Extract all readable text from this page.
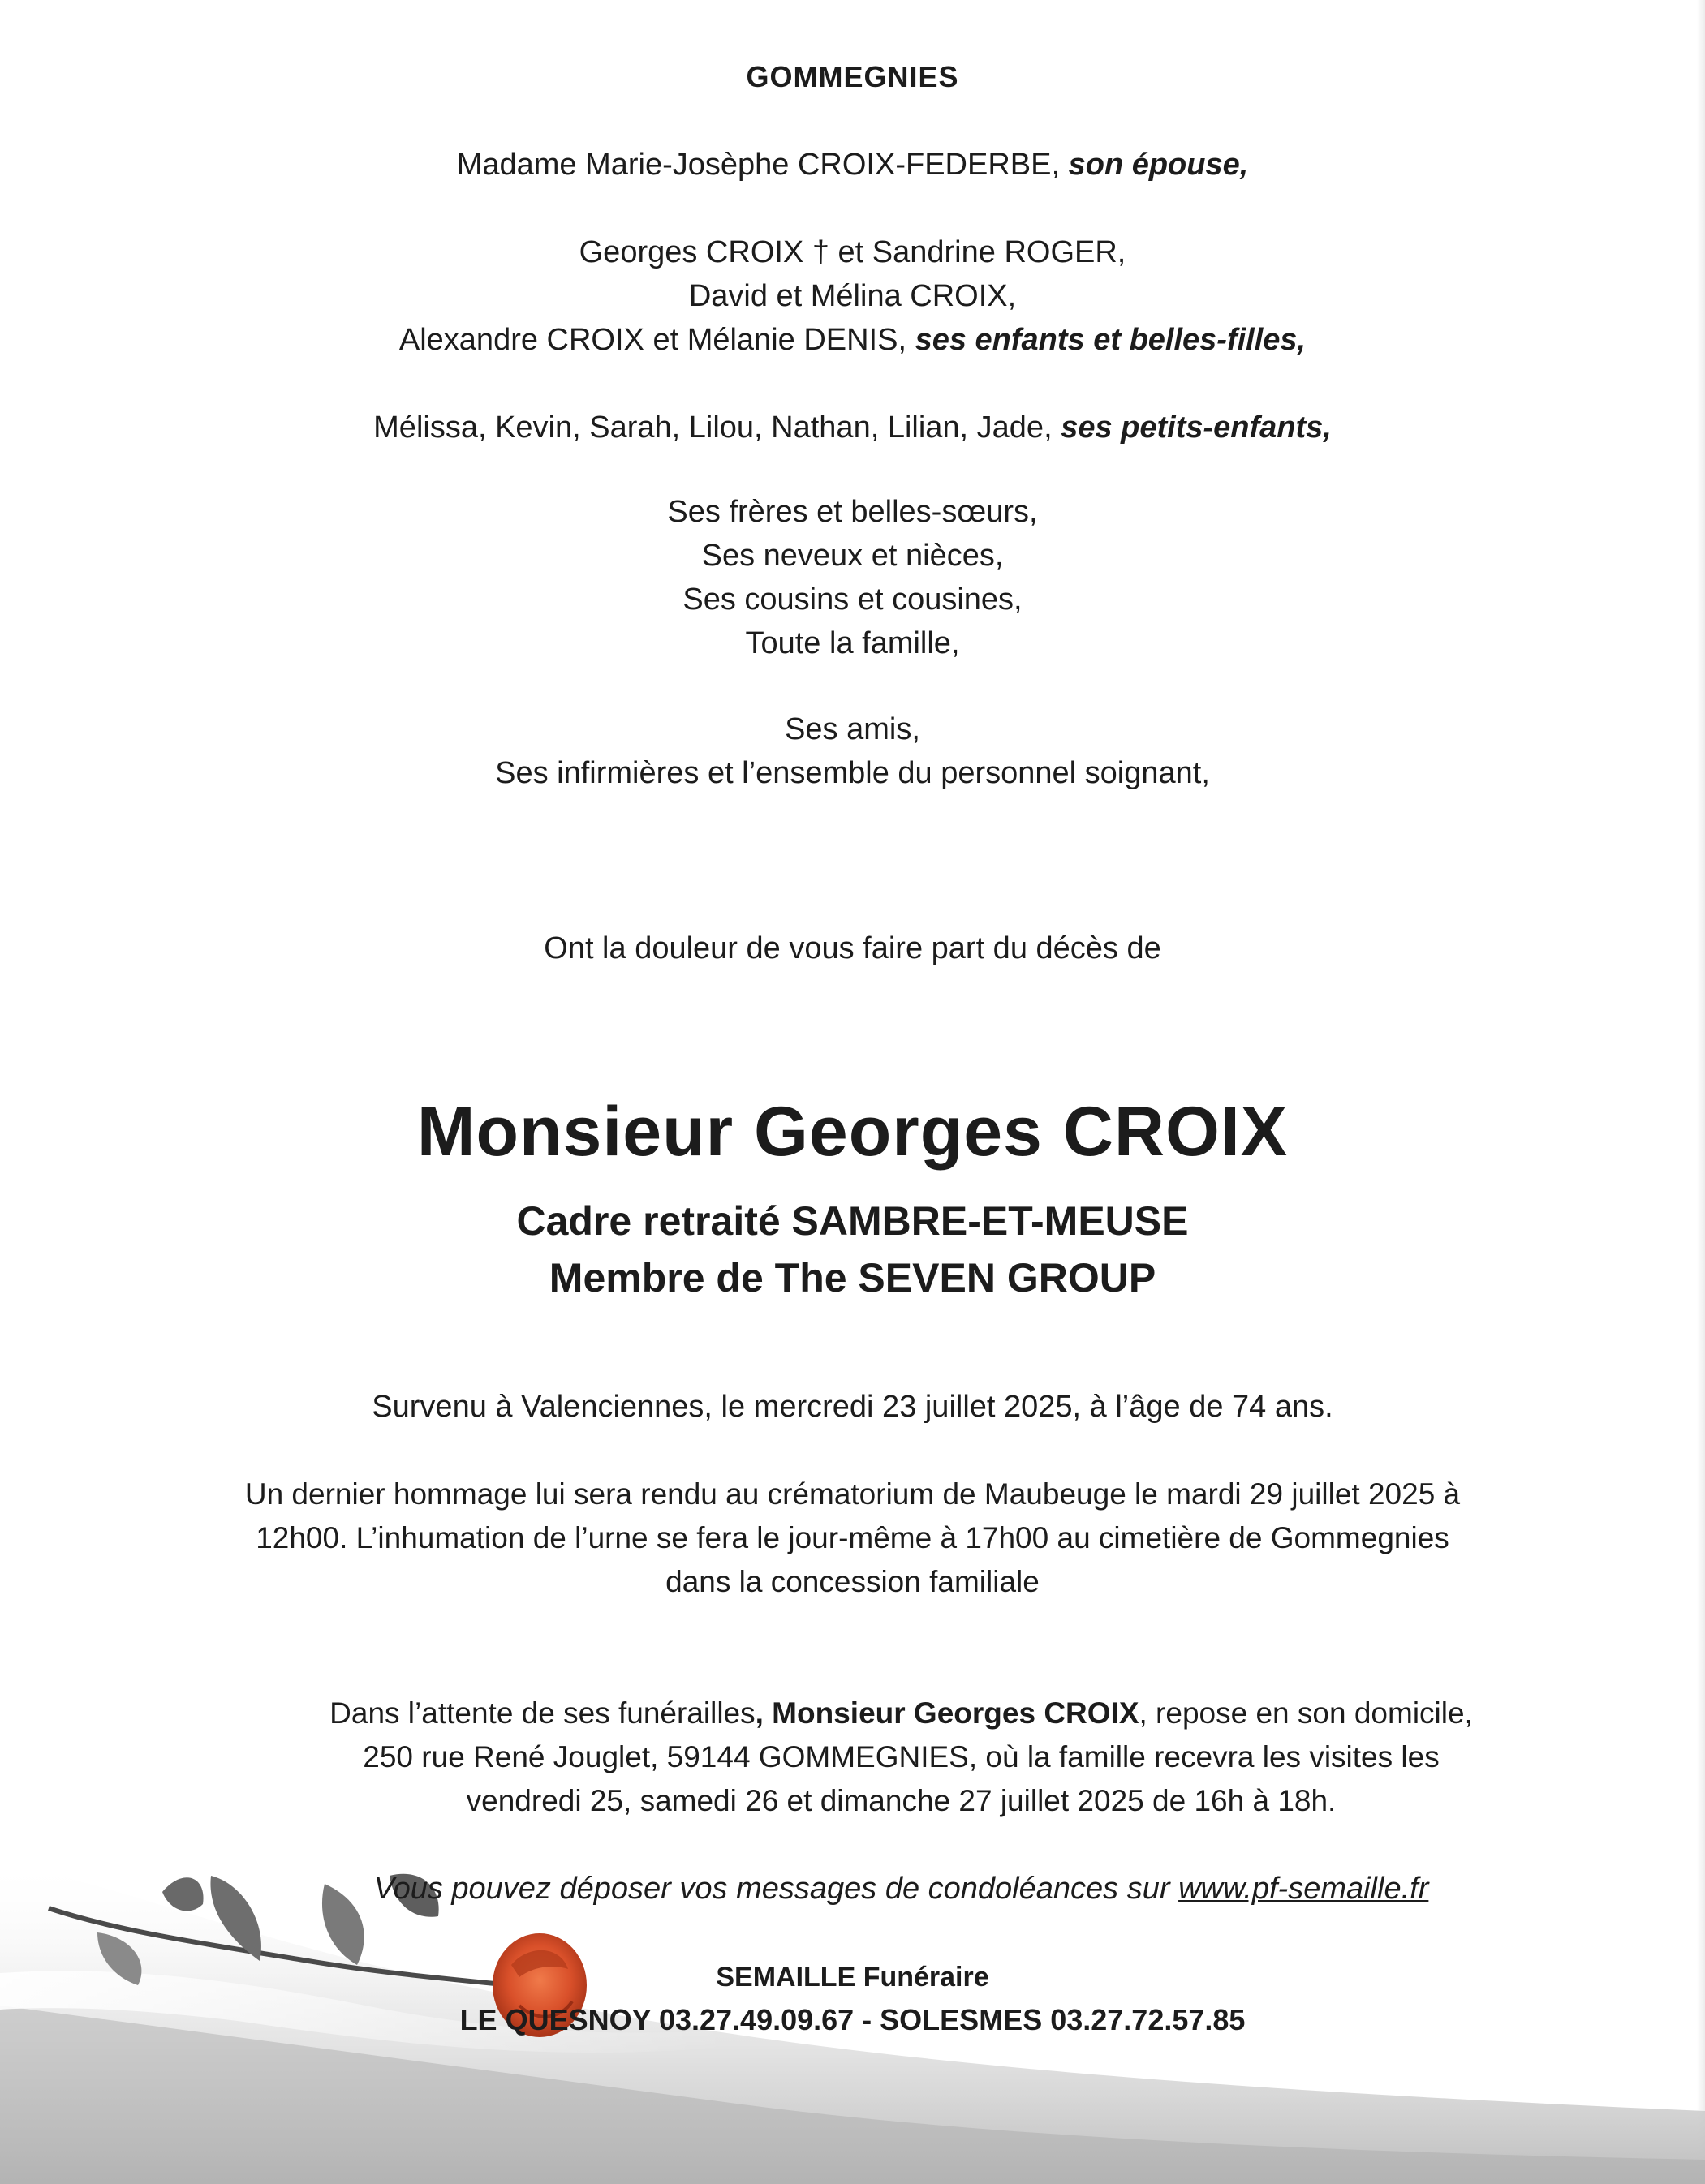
GOMMEGNIES
Madame Marie-Josèphe CROIX-FEDERBE, son épouse,
Georges CROIX † et Sandrine ROGER,
David et Mélina CROIX,
Alexandre CROIX et Mélanie DENIS, ses enfants et belles-filles,
Mélissa, Kevin, Sarah, Lilou, Nathan, Lilian, Jade, ses petits-enfants,
Ses frères et belles-sœurs,
Ses neveux et nièces,
Ses cousins et cousines,
Toute la famille,
Ses amis,
Ses infirmières et l’ensemble du personnel soignant,
Ont la douleur de vous faire part du décès de
Monsieur Georges CROIX
Cadre retraité SAMBRE-ET-MEUSE
Membre de The SEVEN GROUP
Survenu à Valenciennes, le mercredi 23 juillet 2025, à l’âge de 74 ans.
Un dernier hommage lui sera rendu au crématorium de Maubeuge le mardi 29 juillet 2025 à
12h00. L’inhumation de l’urne se fera le jour-même à 17h00 au cimetière de Gommegnies
dans la concession familiale
Dans l’attente de ses funérailles, Monsieur Georges CROIX, repose en son domicile,
250 rue René Jouglet, 59144 GOMMEGNIES, où la famille recevra les visites les
vendredi 25, samedi 26 et dimanche 27 juillet 2025 de 16h à 18h.
Vous pouvez déposer vos messages de condoléances sur www.pf-semaille.fr
SEMAILLE Funéraire
LE QUESNOY 03.27.49.09.67 - SOLESMES 03.27.72.57.85
